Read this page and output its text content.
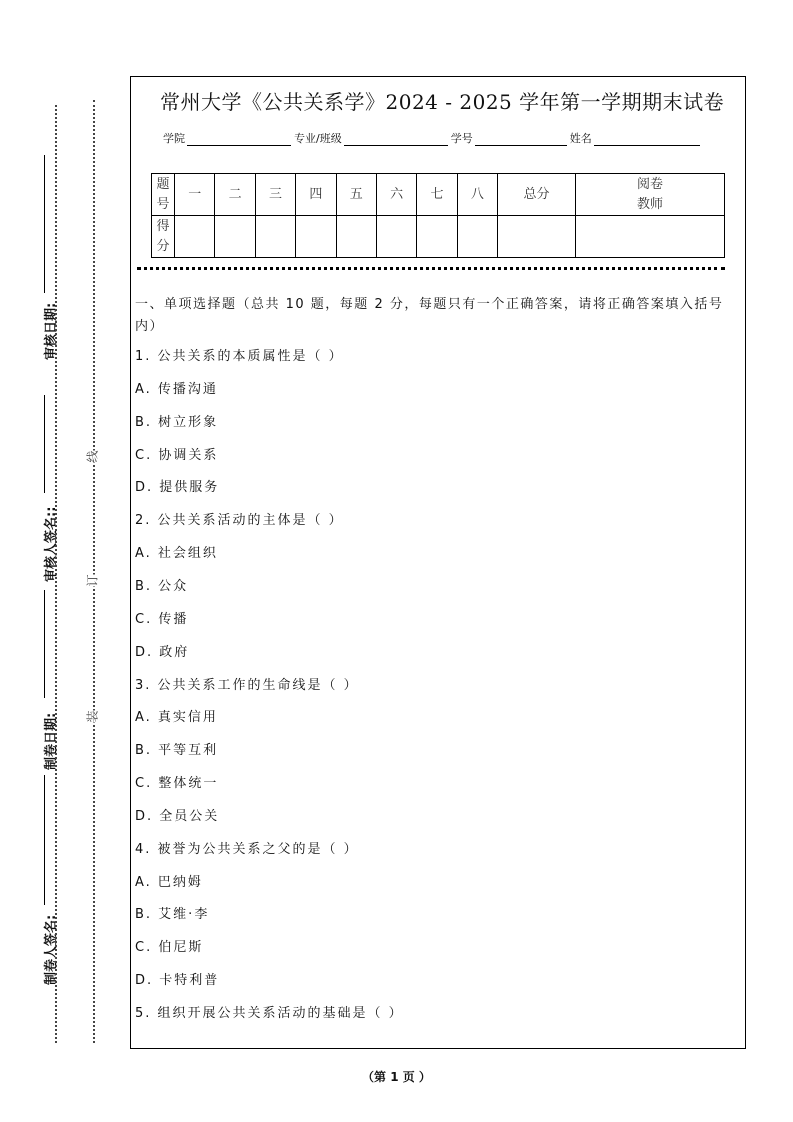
审核日期:
审核人签名::
制卷日期:
制卷人签名:
线
订
装
常州大学《公共关系学》2024 - 2025 学年第一学期期末试卷
学院	专业/班级	学号	姓名
题
号	一	二	三	四	五	六	七	八	总分	阅卷
教师
得
分										
一、单项选择题（总共 10 题，每题 2 分，每题只有一个正确答案，请将正确答案填入括号内）
1. 公共关系的本质属性是（ ）
A. 传播沟通
B. 树立形象
C. 协调关系
D. 提供服务
2. 公共关系活动的主体是（ ）
A. 社会组织
B. 公众
C. 传播
D. 政府
3. 公共关系工作的生命线是（ ）
A. 真实信用
B. 平等互利
C. 整体统一
D. 全员公关
4. 被誉为公共关系之父的是（ ）
A. 巴纳姆
B. 艾维·李
C. 伯尼斯
D. 卡特利普
5. 组织开展公共关系活动的基础是（ ）
（第 1 页 ）
